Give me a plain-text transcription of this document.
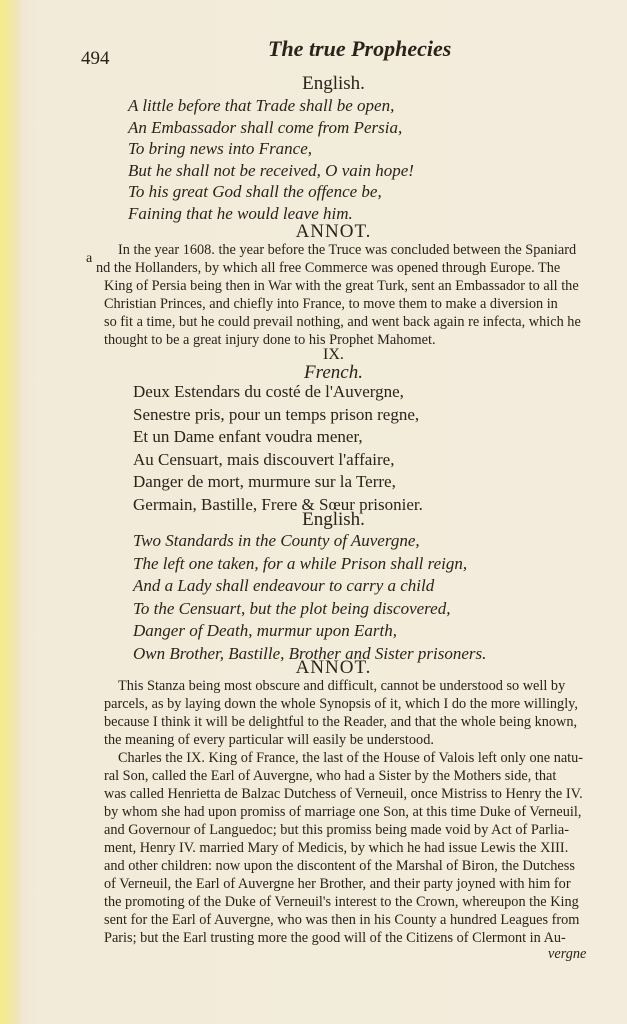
494	The true Prophecies
English.
A little before that Trade shall be open,
An Embassador shall come from Persia,
To bring news into France,
But he shall not be received, O vain hope!
To his great God shall the offence be,
Faining that he would leave him.
ANNOT.
a
In the year 1608. the year before the Truce was concluded between the Spaniard
nd the Hollanders, by which all free Commerce was opened through Europe. The
King of Persia being then in War with the great Turk, sent an Embassador to all the
Christian Princes, and chiefly into France, to move them to make a diversion in
so fit a time, but he could prevail nothing, and went back again re infecta, which he
thought to be a great injury done to his Prophet Mahomet.
IX.
French.
Deux Estendars du costé de l'Auvergne,
Senestre pris, pour un temps prison regne,
Et un Dame enfant voudra mener,
Au Censuart, mais discouvert l'affaire,
Danger de mort, murmure sur la Terre,
Germain, Bastille, Frere & Sœur prisonier.
English.
Two Standards in the County of Auvergne,
The left one taken, for a while Prison shall reign,
And a Lady shall endeavour to carry a child
To the Censuart, but the plot being discovered,
Danger of Death, murmur upon Earth,
Own Brother, Bastille, Brother and Sister prisoners.
ANNOT.
This Stanza being most obscure and difficult, cannot be understood so well by
parcels, as by laying down the whole Synopsis of it, which I do the more willingly,
because I think it will be delightful to the Reader, and that the whole being known,
the meaning of every particular will easily be understood.
Charles the IX. King of France, the last of the House of Valois left only one natu-
ral Son, called the Earl of Auvergne, who had a Sister by the Mothers side, that
was called Henrietta de Balzac Dutchess of Verneuil, once Mistriss to Henry the IV.
by whom she had upon promiss of marriage one Son, at this time Duke of Verneuil,
and Governour of Languedoc; but this promiss being made void by Act of Parlia-
ment, Henry IV. married Mary of Medicis, by which he had issue Lewis the XIII.
and other children: now upon the discontent of the Marshal of Biron, the Dutchess
of Verneuil, the Earl of Auvergne her Brother, and their party joyned with him for
the promoting of the Duke of Verneuil's interest to the Crown, whereupon the King
sent for the Earl of Auvergne, who was then in his County a hundred Leagues from
Paris; but the Earl trusting more the good will of the Citizens of Clermont in Au-
vergne
